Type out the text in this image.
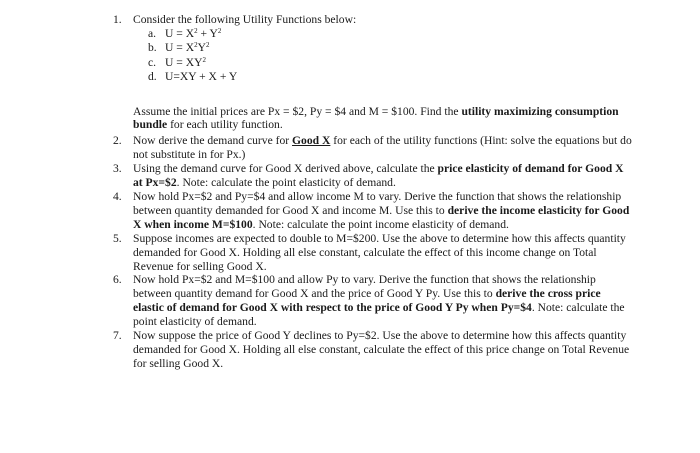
1. Consider the following Utility Functions below:
a. $U = X^2 + Y^2$
b. $U = X^2Y^2$
c. $U = XY^2$
d. U=XY + X + Y
Assume the initial prices are Px = $2, Py = $4 and M = $100. Find the utility maximizing consumption bundle for each utility function.
2. Now derive the demand curve for Good X for each of the utility functions (Hint: solve the equations but do not substitute in for Px.)
3. Using the demand curve for Good X derived above, calculate the price elasticity of demand for Good X at Px=$2. Note: calculate the point elasticity of demand.
4. Now hold Px=$2 and Py=$4 and allow income M to vary. Derive the function that shows the relationship between quantity demanded for Good X and income M. Use this to derive the income elasticity for Good X when income M=$100. Note: calculate the point income elasticity of demand.
5. Suppose incomes are expected to double to M=$200. Use the above to determine how this affects quantity demanded for Good X. Holding all else constant, calculate the effect of this income change on Total Revenue for selling Good X.
6. Now hold Px=$2 and M=$100 and allow Py to vary. Derive the function that shows the relationship between quantity demand for Good X and the price of Good Y Py. Use this to derive the cross price elastic of demand for Good X with respect to the price of Good Y Py when Py=$4. Note: calculate the point elasticity of demand.
7. Now suppose the price of Good Y declines to Py=$2. Use the above to determine how this affects quantity demanded for Good X. Holding all else constant, calculate the effect of this price change on Total Revenue for selling Good X.
